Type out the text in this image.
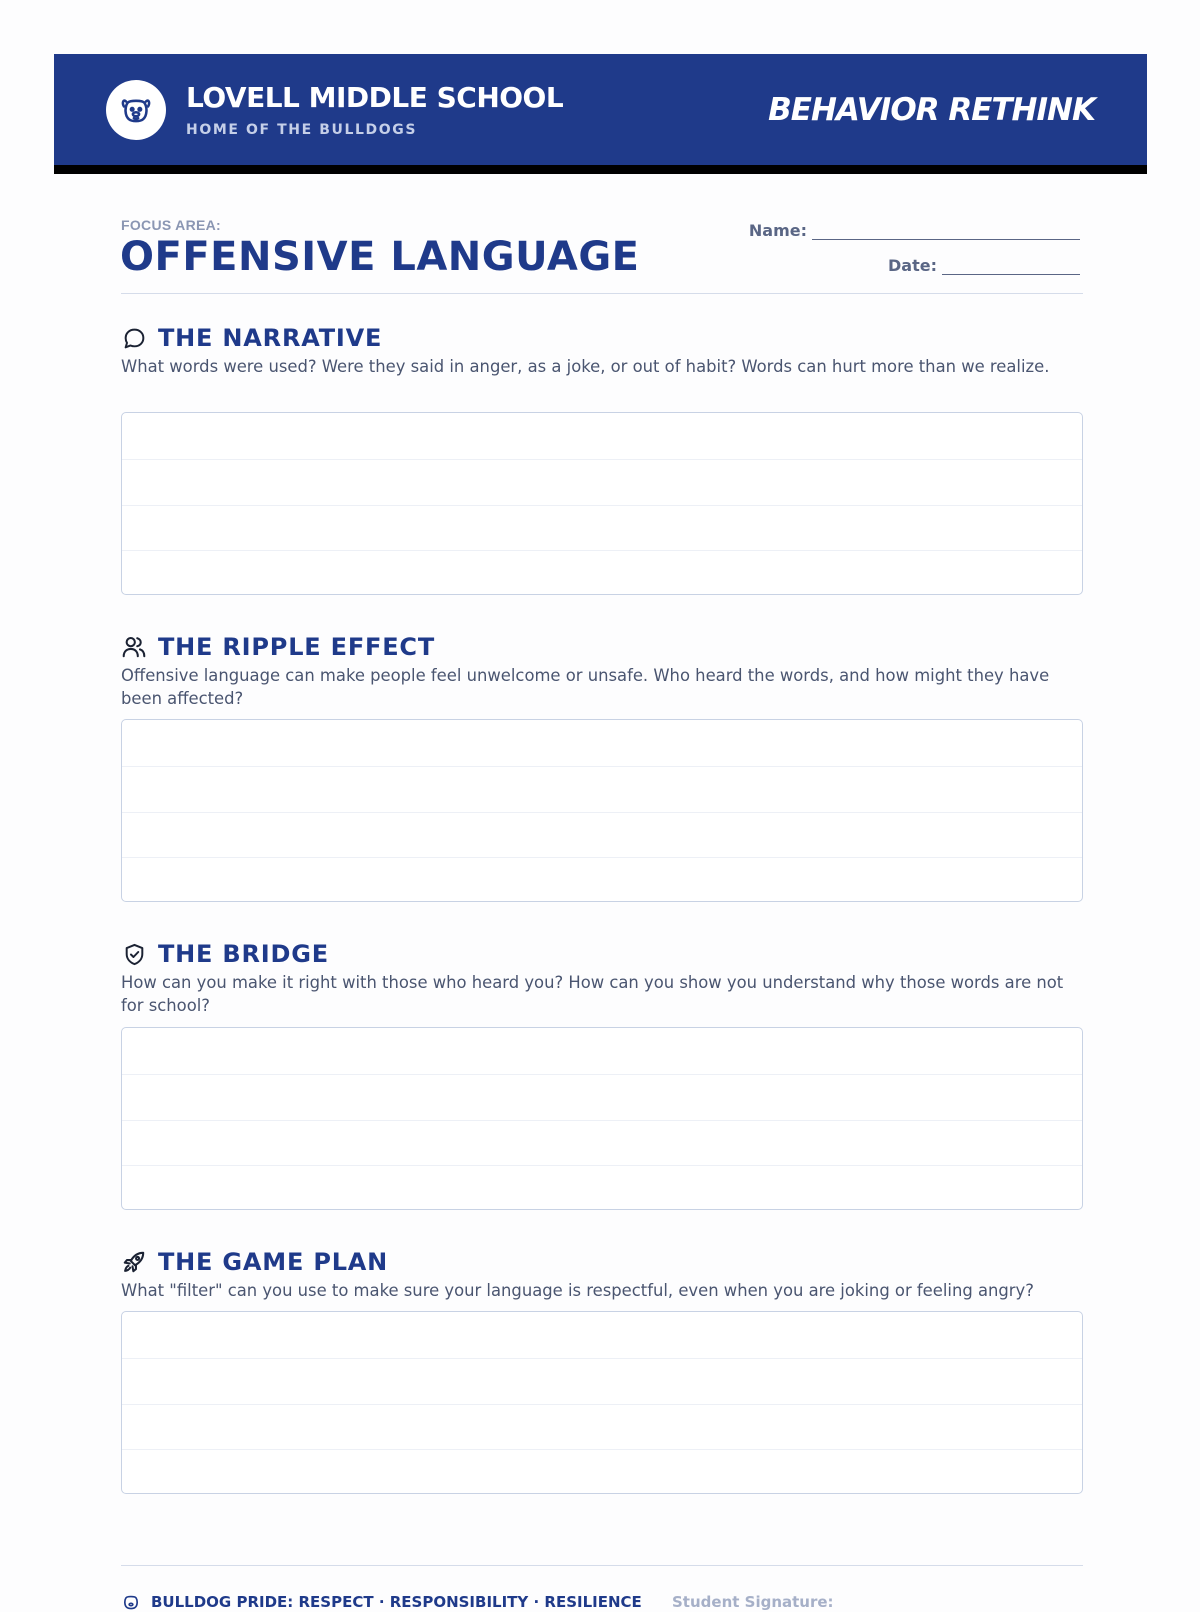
LOVELL MIDDLE SCHOOL
HOME OF THE BULLDOGS
BEHAVIOR RETHINK
FOCUS AREA:
OFFENSIVE LANGUAGE
Name:
Date:
THE NARRATIVE
What words were used? Were they said in anger, as a joke, or out of habit? Words can hurt more than we realize.
THE RIPPLE EFFECT
Offensive language can make people feel unwelcome or unsafe. Who heard the words, and how might they have been affected?
THE BRIDGE
How can you make it right with those who heard you? How can you show you understand why those words are not for school?
THE GAME PLAN
What "filter" can you use to make sure your language is respectful, even when you are joking or feeling angry?
BULLDOG PRIDE: RESPECT · RESPONSIBILITY · RESILIENCE Student Signature:
